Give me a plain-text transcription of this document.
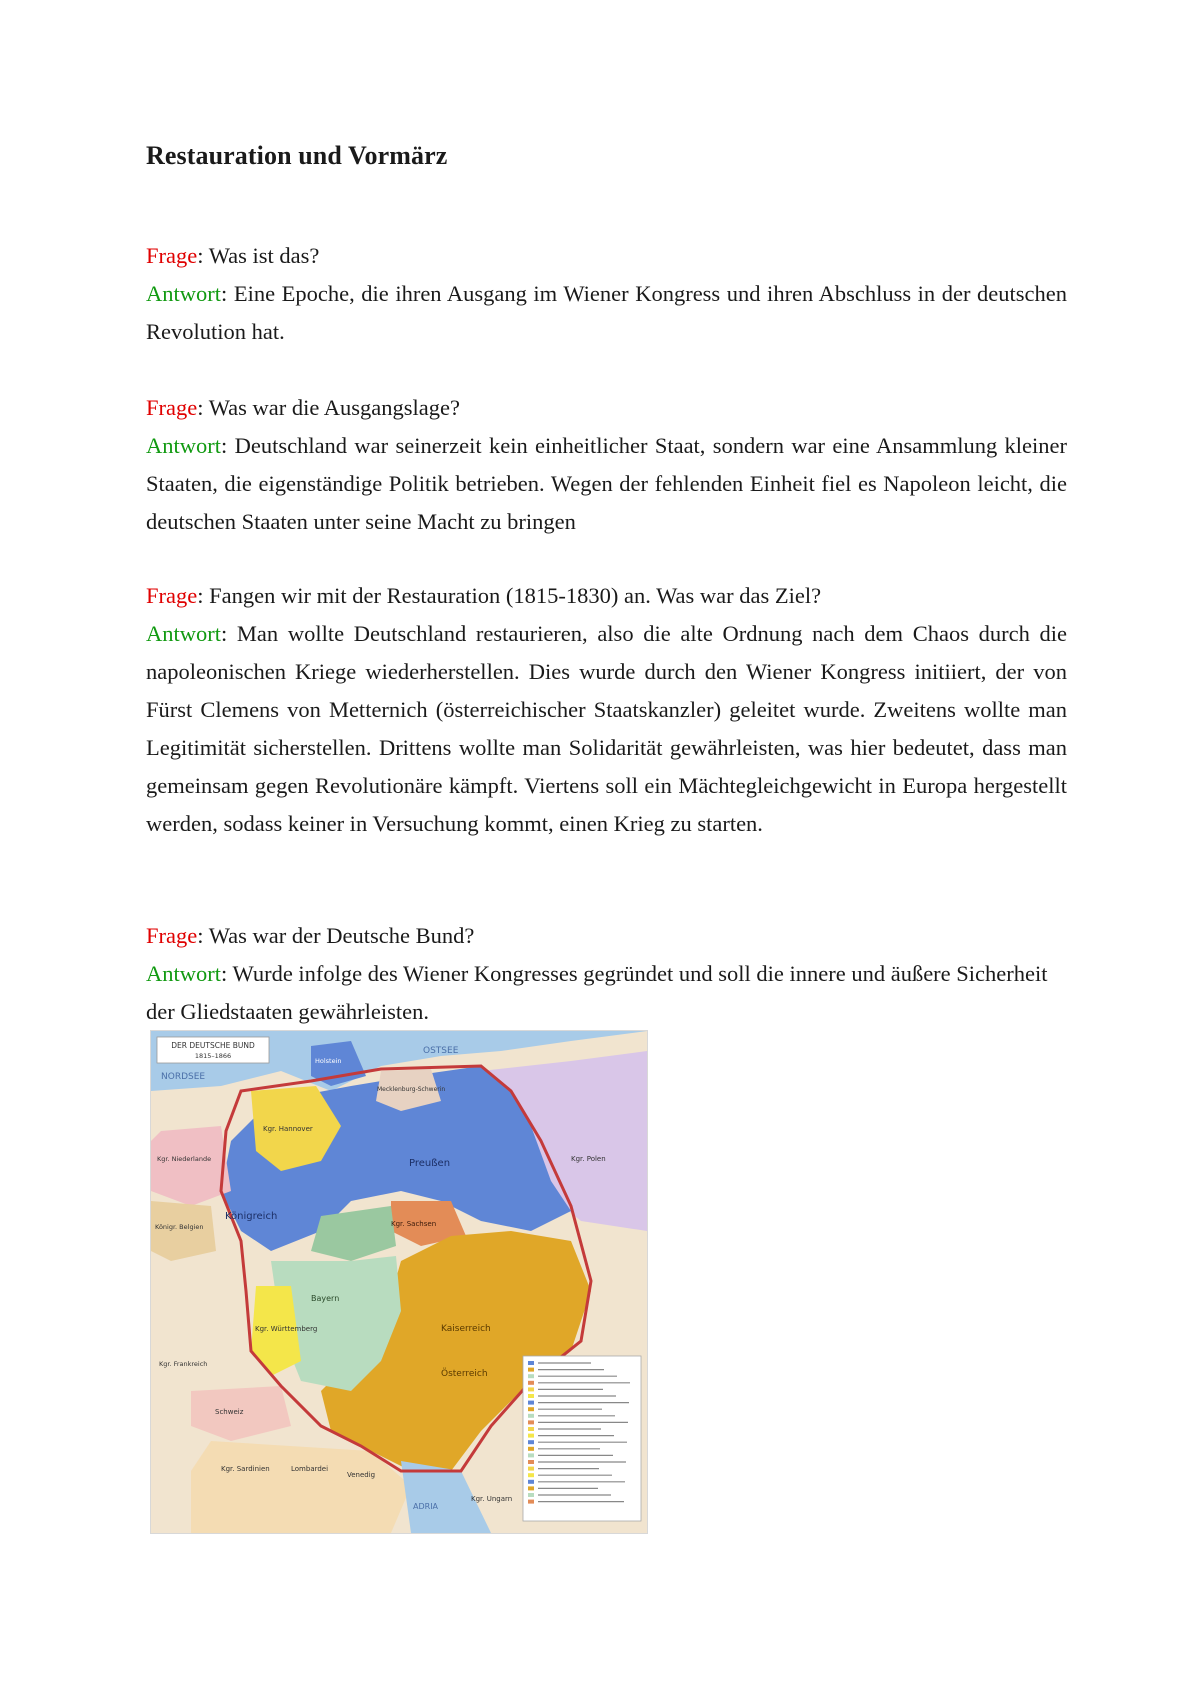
Restauration und Vormärz

Frage: Was ist das?

Antwort: Eine Epoche, die ihren Ausgang im Wiener Kongress und ihren Abschluss in der deutschen Revolution hat.

Frage: Was war die Ausgangslage?

Antwort: Deutschland war seinerzeit kein einheitlicher Staat, sondern war eine Ansammlung kleiner Staaten, die eigenständige Politik betrieben. Wegen der fehlenden Einheit fiel es Napoleon leicht, die deutschen Staaten unter seine Macht zu bringen

Frage: Fangen wir mit der Restauration (1815-1830) an. Was war das Ziel?

Antwort: Man wollte Deutschland restaurieren, also die alte Ordnung nach dem Chaos durch die napoleonischen Kriege wiederherstellen. Dies wurde durch den Wiener Kongress initiiert, der von Fürst Clemens von Metternich (österreichischer Staatskanzler) geleitet wurde. Zweitens wollte man Legitimität sicherstellen. Drittens wollte man Solidarität gewährleisten, was hier bedeutet, dass man gemeinsam gegen Revolutionäre kämpft. Viertens soll ein Mächtegleichgewicht in Europa hergestellt werden, sodass keiner in Versuchung kommt, einen Krieg zu starten.

Frage: Was war der Deutsche Bund?

Antwort: Wurde infolge des Wiener Kongresses gegründet und soll die innere und äußere Sicherheit der Gliedstaaten gewährleisten.

DER DEUTSCHE BUND
1815–1866	OSTSEE
NORDSEE
Preußen
Königreich
Kgr. Sachsen
Kgr. Hannover
Holstein
Mecklenburg-Schwerin
Kgr. Niederlande
Königr. Belgien
Kgr. Württemberg
Bayern
Kaiserreich
Österreich
Kgr. Polen
Kgr. Frankreich
Schweiz
Kgr. Sardinien	Lombardei
Venedig
ADRIA
Kgr. Ungarn
